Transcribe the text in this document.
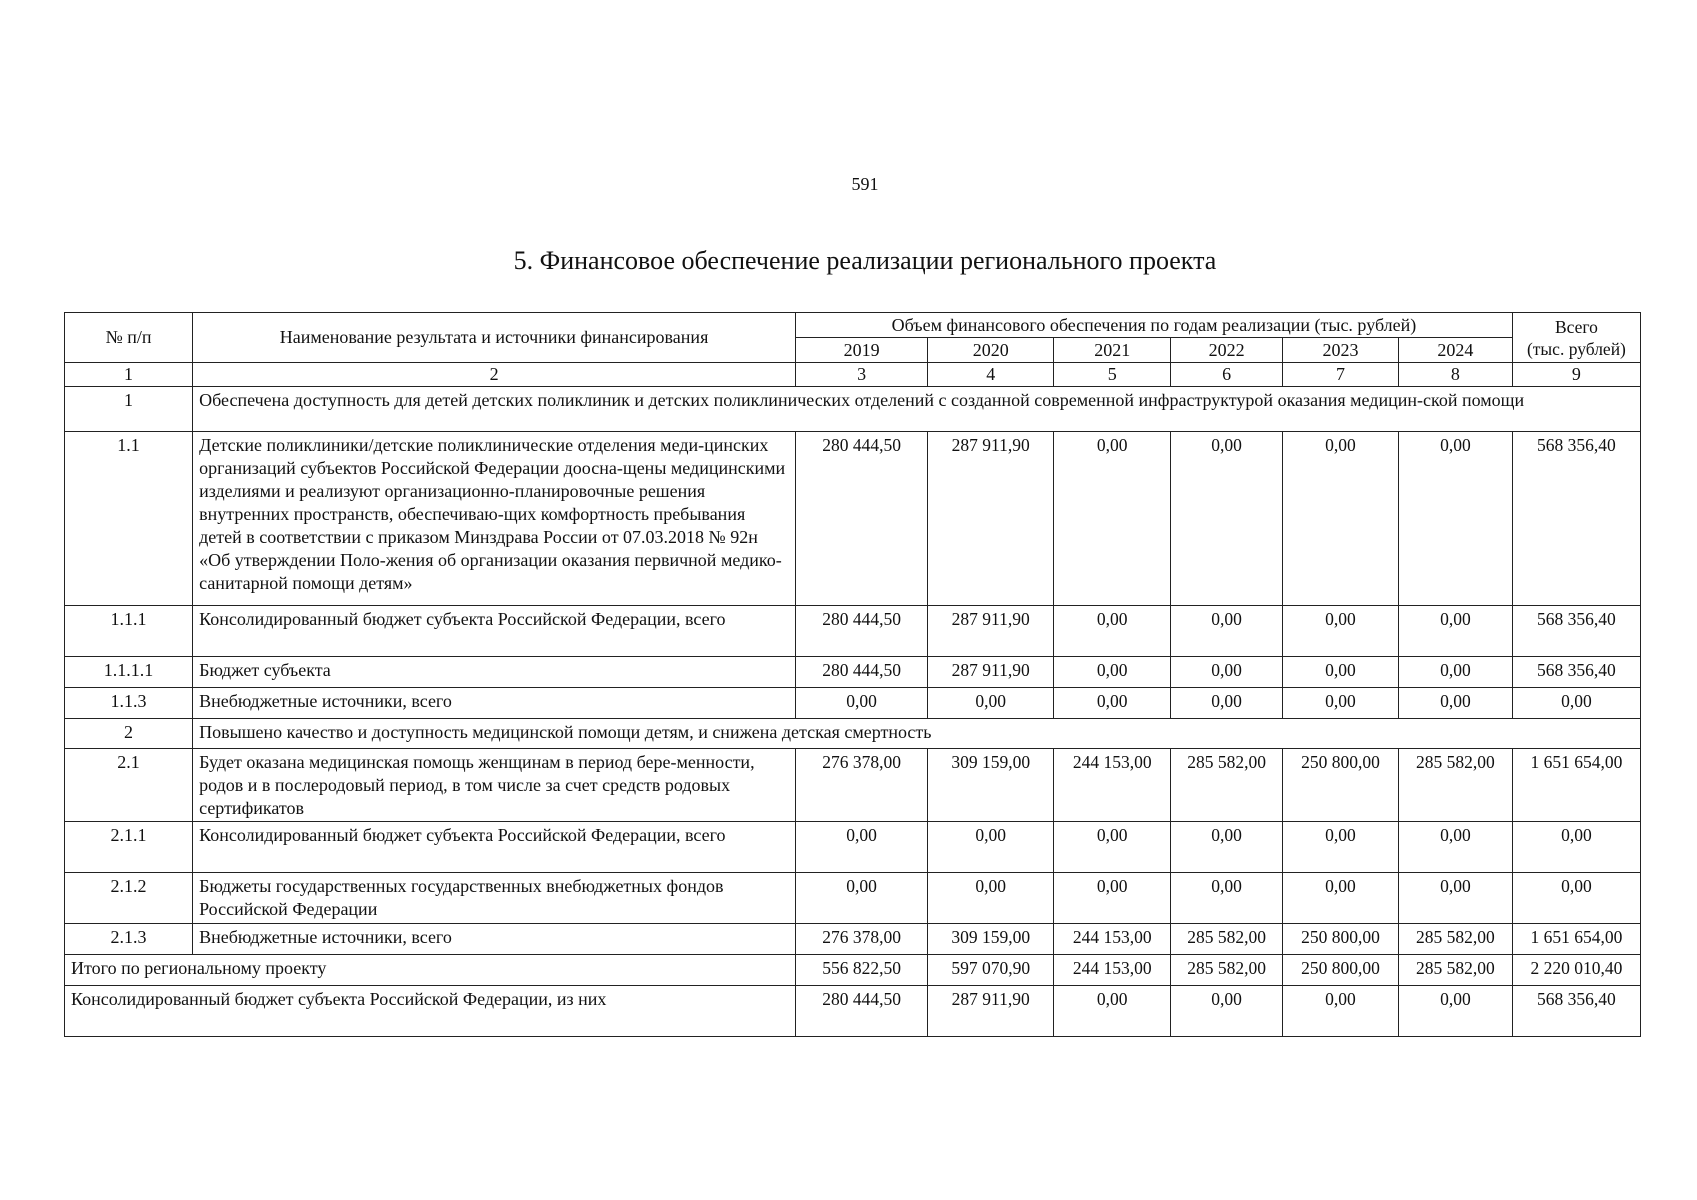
591
5. Финансовое обеспечение реализации регионального проекта
№ п/п	Наименование результата и источники финансирования	Объем финансового обеспечения по годам реализации (тыс. рублей)						Всего
(тыс. рублей)

		2019	2020	2021	2022	2023	2024	
1	2	3	4	5	6	7	8	9
1	Обеспечена доступность для детей детских поликлиник и детских поликлинических отделений с созданной современной инфраструктурой оказания медицин-ской помощи							
1.1	Детские поликлиники/детские поликлинические отделения меди-цинских организаций субъектов Российской Федерации доосна-щены медицинскими изделиями и реализуют организационно-планировочные решения внутренних пространств, обеспечиваю-щих комфортность пребывания детей в соответствии с приказом Минздрава России от 07.03.2018 № 92н «Об утверждении Поло-жения об организации оказания первичной медико-санитарной помощи детям»	280 444,50	287 911,90	0,00	0,00	0,00	0,00	568 356,40
1.1.1	Консолидированный бюджет субъекта Российской Федерации, всего	280 444,50	287 911,90	0,00	0,00	0,00	0,00	568 356,40
1.1.1.1	Бюджет субъекта	280 444,50	287 911,90	0,00	0,00	0,00	0,00	568 356,40
1.1.3	Внебюджетные источники, всего	0,00	0,00	0,00	0,00	0,00	0,00	0,00
2	Повышено качество и доступность медицинской помощи детям, и снижена детская смертность							
2.1	Будет оказана медицинская помощь женщинам в период бере-менности, родов и в послеродовый период, в том числе за счет средств родовых сертификатов	276 378,00	309 159,00	244 153,00	285 582,00	250 800,00	285 582,00	1 651 654,00
2.1.1	Консолидированный бюджет субъекта Российской Федерации, всего	0,00	0,00	0,00	0,00	0,00	0,00	0,00
2.1.2	Бюджеты государственных государственных внебюджетных фондов Российской Федерации	0,00	0,00	0,00	0,00	0,00	0,00	0,00
2.1.3	Внебюджетные источники, всего	276 378,00	309 159,00	244 153,00	285 582,00	250 800,00	285 582,00	1 651 654,00
Итого по региональному проекту		556 822,50	597 070,90	244 153,00	285 582,00	250 800,00	285 582,00	2 220 010,40
Консолидированный бюджет субъекта Российской Федерации, из них		280 444,50	287 911,90	0,00	0,00	0,00	0,00	568 356,40
